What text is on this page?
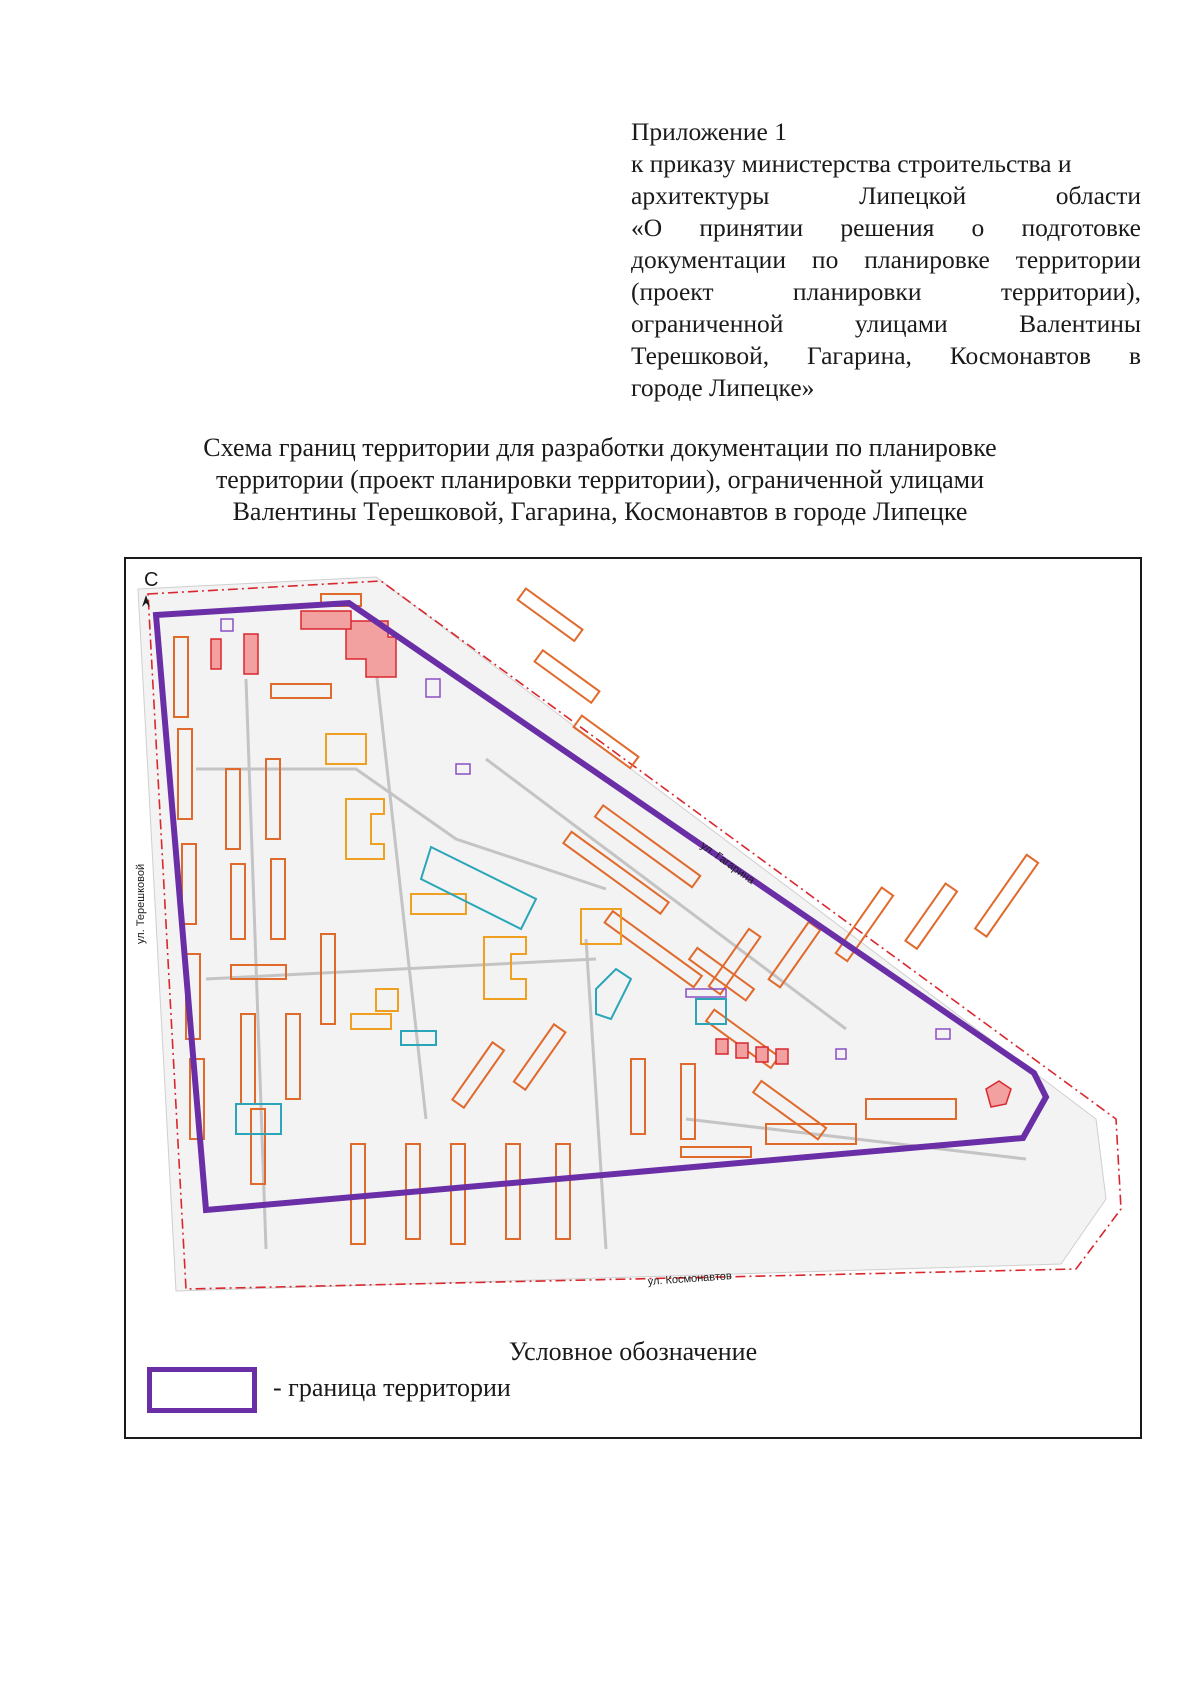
Приложение 1
к приказу министерства строительства и
архитектуры Липецкой области
«О принятии решения о подготовке
документации по планировке территории
(проект планировки территории),
ограниченной улицами Валентины
Терешковой, Гагарина, Космонавтов в
городе Липецке»
Схема границ территории для разработки документации по планировке
территории (проект планировки территории), ограниченной улицами
Валентины Терешковой, Гагарина, Космонавтов в городе Липецке
ул. Терешковой
ул. Гагарина
ул. Космонавтов
С
Условное обозначение
- граница территории
